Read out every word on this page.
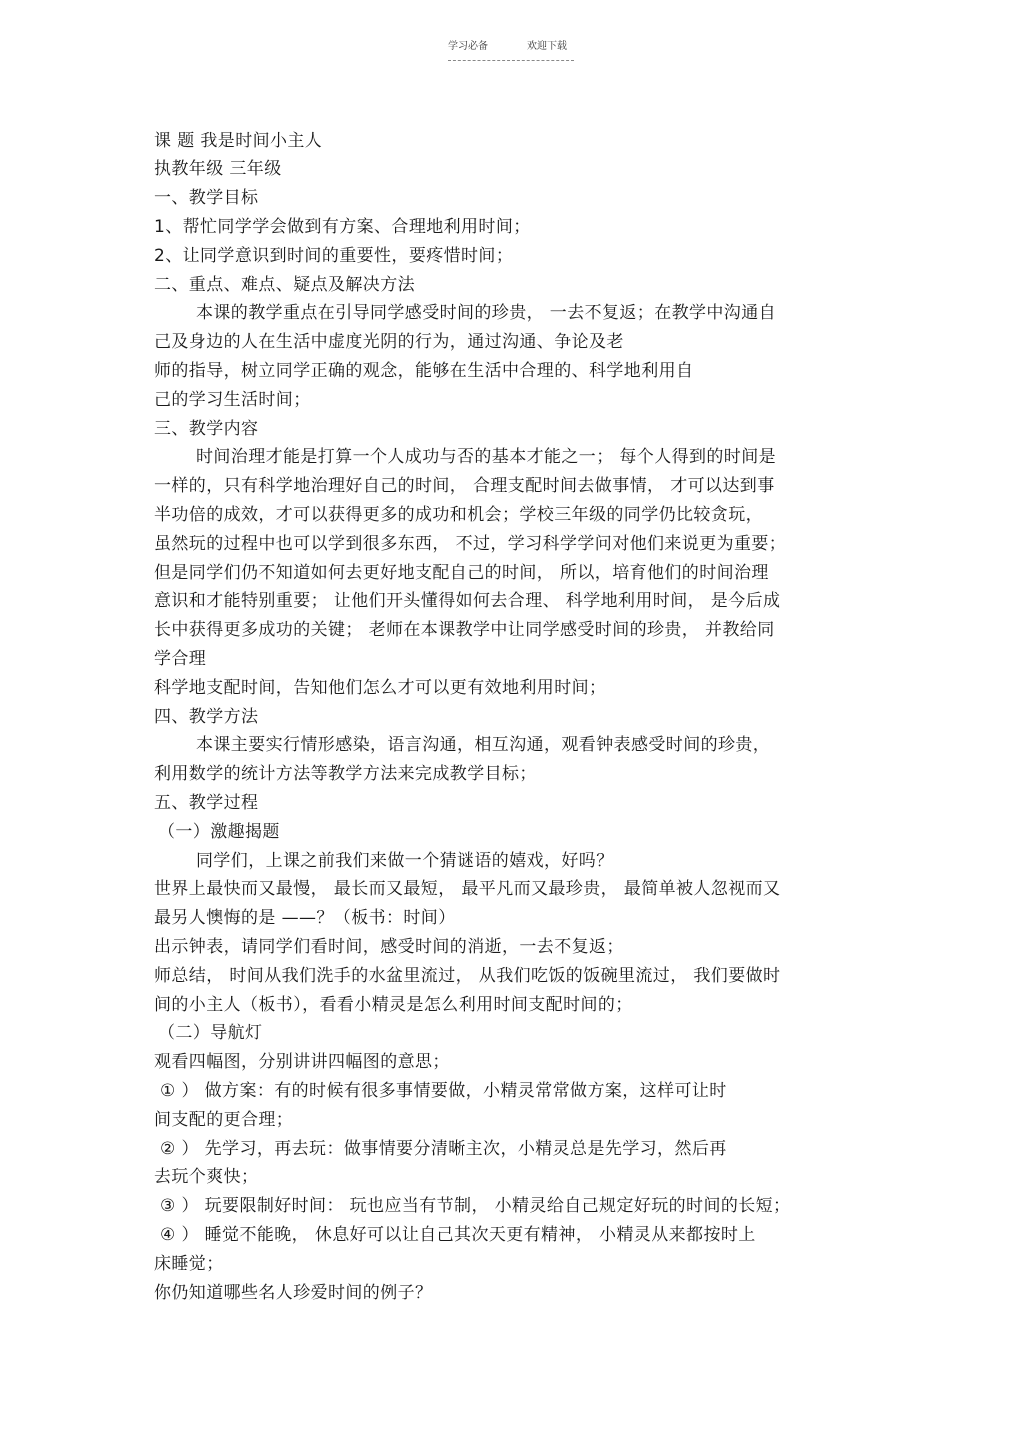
学习必备	欢迎下载
课 题 我是时间小主人
执教年级 三年级
一、教学目标
1、帮忙同学学会做到有方案、合理地利用时间；
2、让同学意识到时间的重要性，要疼惜时间；
二、重点、难点、疑点及解决方法
本课的教学重点在引导同学感受时间的珍贵， 一去不复返；在教学中沟通自
己及身边的人在生活中虚度光阴的行为，通过沟通、争论及老
师的指导，树立同学正确的观念，能够在生活中合理的、科学地利用自
己的学习生活时间；
三、教学内容
时间治理才能是打算一个人成功与否的基本才能之一； 每个人得到的时间是
一样的，只有科学地治理好自己的时间， 合理支配时间去做事情， 才可以达到事
半功倍的成效，才可以获得更多的成功和机会；学校三年级的同学仍比较贪玩，
虽然玩的过程中也可以学到很多东西， 不过，学习科学学问对他们来说更为重要；
但是同学们仍不知道如何去更好地支配自己的时间， 所以，培育他们的时间治理
意识和才能特别重要； 让他们开头懂得如何去合理、 科学地利用时间， 是今后成
长中获得更多成功的关键； 老师在本课教学中让同学感受时间的珍贵， 并教给同
学合理
科学地支配时间，告知他们怎么才可以更有效地利用时间；
四、教学方法
本课主要实行情形感染，语言沟通，相互沟通，观看钟表感受时间的珍贵，
利用数学的统计方法等教学方法来完成教学目标；
五、教学过程
（一）激趣揭题
同学们，上课之前我们来做一个猜谜语的嬉戏，好吗？
世界上最快而又最慢， 最长而又最短， 最平凡而又最珍贵， 最简单被人忽视而又
最另人懊悔的是 ——？（板书：时间）
出示钟表，请同学们看时间，感受时间的消逝，一去不复返；
师总结， 时间从我们洗手的水盆里流过， 从我们吃饭的饭碗里流过， 我们要做时
间的小主人（板书），看看小精灵是怎么利用时间支配时间的；
（二）导航灯
观看四幅图，分别讲讲四幅图的意思；
① ） 做方案：有的时候有很多事情要做，小精灵常常做方案，这样可让时
间支配的更合理；
② ） 先学习，再去玩：做事情要分清晰主次，小精灵总是先学习，然后再
去玩个爽快；
③ ） 玩要限制好时间： 玩也应当有节制， 小精灵给自己规定好玩的时间的长短；
④ ） 睡觉不能晚， 休息好可以让自己其次天更有精神， 小精灵从来都按时上
床睡觉；
你仍知道哪些名人珍爱时间的例子？
